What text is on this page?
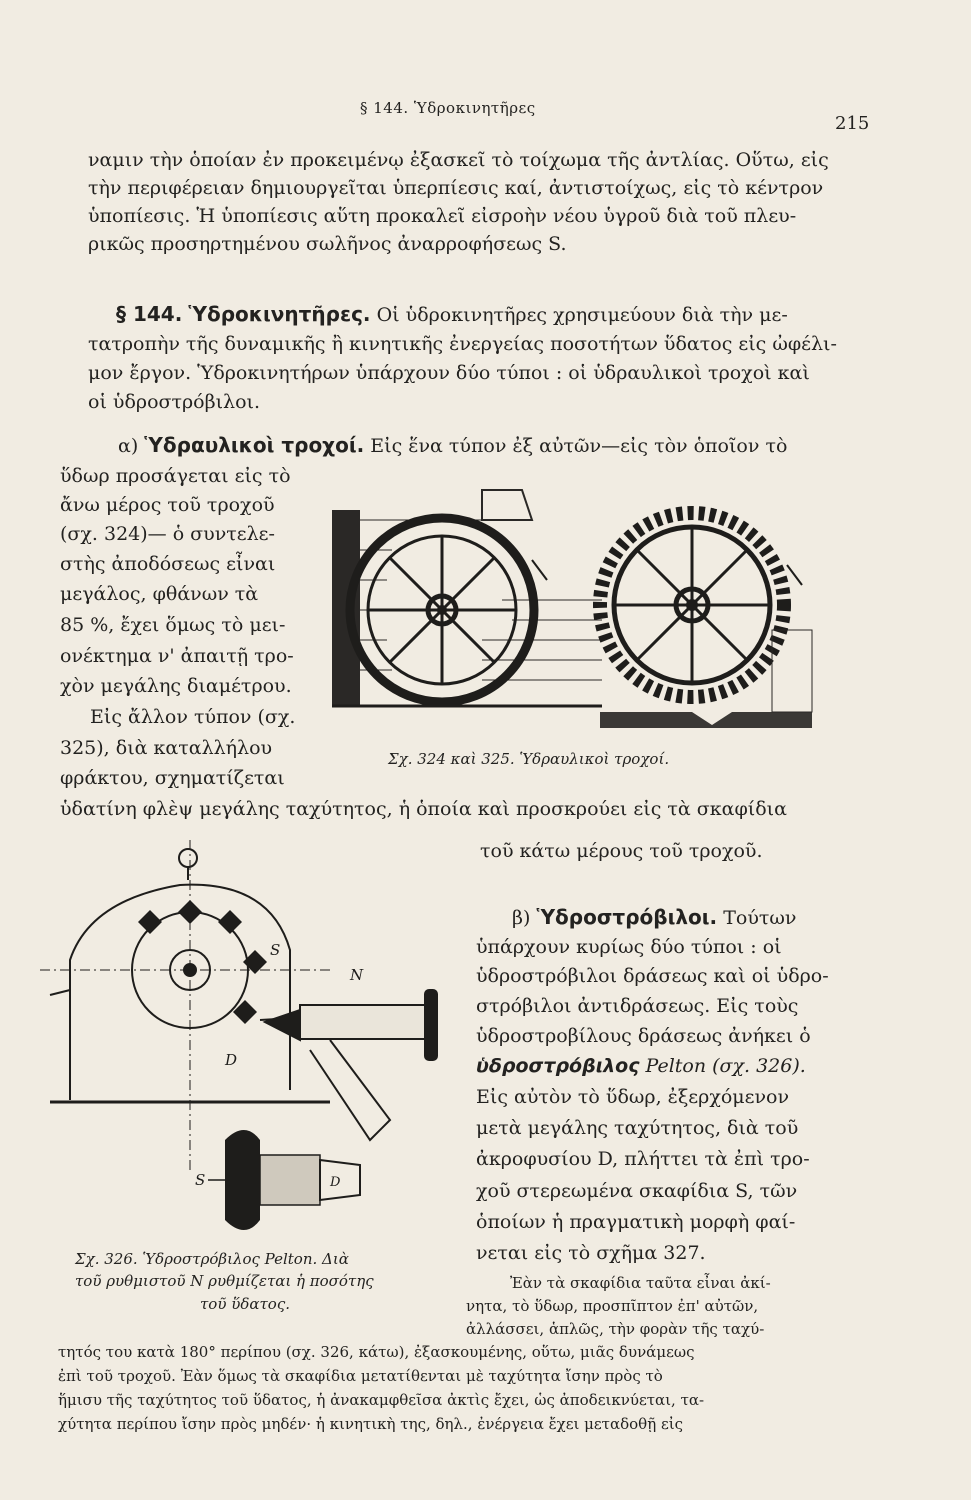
§ 144. Ὑδροκινητῆρες
215
ναμιν τὴν ὁποίαν ἐν προκειμένῳ ἐξασκεῖ τὸ τοίχωμα τῆς ἀντλίας. Οὕτω, εἰς
τὴν περιφέρειαν δημιουργεῖται ὑπερπίεσις καί, ἀντιστοίχως, εἰς τὸ κέντρον
ὑποπίεσις. Ἡ ὑποπίεσις αὕτη προκαλεῖ εἰσροὴν νέου ὑγροῦ διὰ τοῦ πλευ-
ρικῶς προσηρτημένου σωλῆνος ἀναρροφήσεως S.
§ 144. Ὑδροκινητῆρες. Οἱ ὑδροκινητῆρες χρησιμεύουν διὰ τὴν με-
τατροπὴν τῆς δυναμικῆς ἢ κινητικῆς ἐνεργείας ποσοτήτων ὕδατος εἰς ὠφέλι-
μον ἔργον. Ὑδροκινητήρων ὑπάρχουν δύο τύποι : οἱ ὑδραυλικοὶ τροχοὶ καὶ
οἱ ὑδροστρόβιλοι.
α) Ὑδραυλικοὶ τροχοί. Εἰς ἕνα τύπον ἐξ αὐτῶν—εἰς τὸν ὁποῖον τὸ
ὕδωρ προσάγεται εἰς τὸ
ἄνω μέρος τοῦ τροχοῦ
(σχ. 324)— ὁ συντελε-
στὴς ἀποδόσεως εἶναι
μεγάλος, φθάνων τὰ
85 %, ἔχει ὅμως τὸ μει-
ονέκτημα ν' ἀπαιτῇ τρο-
χὸν μεγάλης διαμέτρου.
Εἰς ἄλλον τύπον (σχ.
325), διὰ καταλλήλου
φράκτου, σχηματίζεται
ὑδατίνη φλὲψ μεγάλης ταχύτητος, ἡ ὁποία καὶ προσκρούει εἰς τὰ σκαφίδια
τοῦ κάτω μέρους τοῦ τροχοῦ.
Σχ. 324 καὶ 325. Ὑδραυλικοὶ τροχοί.
S
N
D
S	D
Σχ. 326. Ὑδροστρόβιλος Pelton. Διὰ
τοῦ ρυθμιστοῦ N ρυθμίζεται ἡ ποσότης
τοῦ ὕδατος.
β) Ὑδροστρόβιλοι. Τούτων
ὑπάρχουν κυρίως δύο τύποι : οἱ
ὑδροστρόβιλοι δράσεως καὶ οἱ ὑδρο-
στρόβιλοι ἀντιδράσεως. Εἰς τοὺς
ὑδροστροβίλους δράσεως ἀνήκει ὁ
ὑδροστρόβιλος Pelton (σχ. 326).
Εἰς αὐτὸν τὸ ὕδωρ, ἐξερχόμενον
μετὰ μεγάλης ταχύτητος, διὰ τοῦ
ἀκροφυσίου D, πλήττει τὰ ἐπὶ τρο-
χοῦ στερεωμένα σκαφίδια S, τῶν
ὁποίων ἡ πραγματικὴ μορφὴ φαί-
νεται εἰς τὸ σχῆμα 327.
Ἐὰν τὰ σκαφίδια ταῦτα εἶναι ἀκί-
νητα, τὸ ὕδωρ, προσπῖπτον ἐπ' αὐτῶν,
ἀλλάσσει, ἁπλῶς, τὴν φορὰν τῆς ταχύ-
τητός του κατὰ 180° περίπου (σχ. 326, κάτω), ἐξασκουμένης, οὕτω, μιᾶς δυνάμεως
ἐπὶ τοῦ τροχοῦ. Ἐὰν ὅμως τὰ σκαφίδια μετατίθενται μὲ ταχύτητα ἴσην πρὸς τὸ
ἥμισυ τῆς ταχύτητος τοῦ ὕδατος, ἡ ἀνακαμφθεῖσα ἀκτὶς ἔχει, ὡς ἀποδεικνύεται, τα-
χύτητα περίπου ἴσην πρὸς μηδέν· ἡ κινητικὴ της, δηλ., ἐνέργεια ἔχει μεταδοθῇ εἰς
